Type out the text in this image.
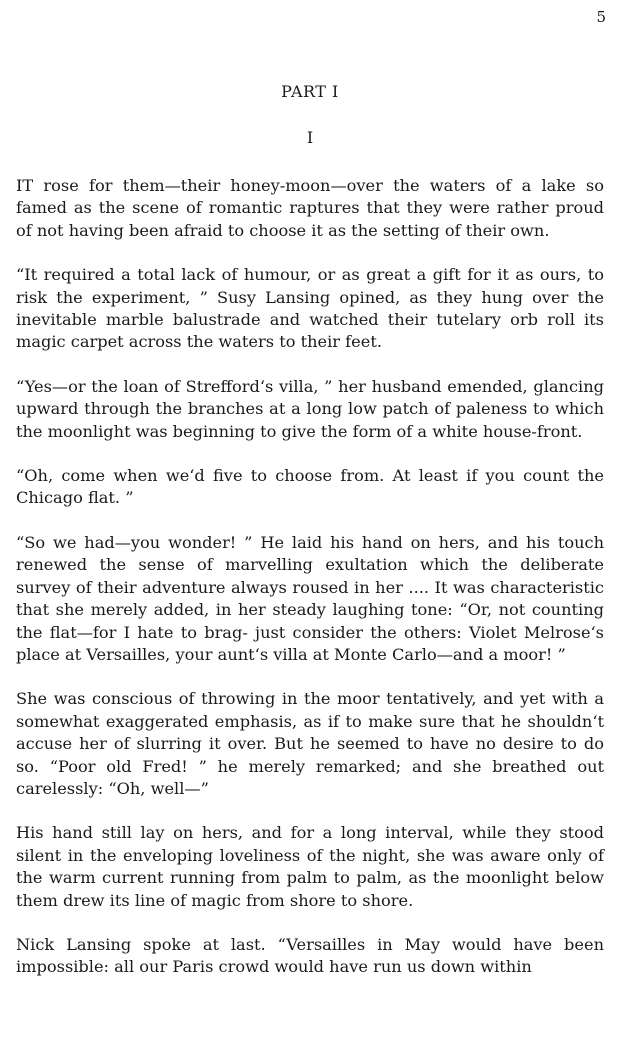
5
PART I
I

IT rose for them—their honey-moon—over the waters of a lake so famed as the scene of romantic raptures that they were rather proud of not having been afraid to choose it as the setting of their own.

“It required a total lack of humour, or as great a gift for it as ours, to risk the experiment, ” Susy Lansing opined, as they hung over the inevitable marble balustrade and watched their tutelary orb roll its magic carpet across the waters to their feet.

“Yes—or the loan of Strefford‘s villa, ” her husband emended, glancing upward through the branches at a long low patch of paleness to which the moonlight was beginning to give the form of a white house-front.

“Oh, come when we‘d five to choose from. At least if you count the Chicago flat. ”

“So we had—you wonder! ” He laid his hand on hers, and his touch renewed the sense of marvelling exultation which the deliberate survey of their adventure always roused in her .... It was characteristic that she merely added, in her steady laughing tone: “Or, not counting the flat—for I hate to brag- just consider the others: Violet Melrose‘s place at Versailles, your aunt‘s villa at Monte Carlo—and a moor! ”

She was conscious of throwing in the moor tentatively, and yet with a somewhat exaggerated emphasis, as if to make sure that he shouldn‘t accuse her of slurring it over. But he seemed to have no desire to do so. “Poor old Fred! ” he merely remarked; and she breathed out carelessly: “Oh, well—”

His hand still lay on hers, and for a long interval, while they stood silent in the enveloping loveliness of the night, she was aware only of the warm current running from palm to palm, as the moonlight below them drew its line of magic from shore to shore.

Nick Lansing spoke at last. “Versailles in May would have been impossible: all our Paris crowd would have run us down within
